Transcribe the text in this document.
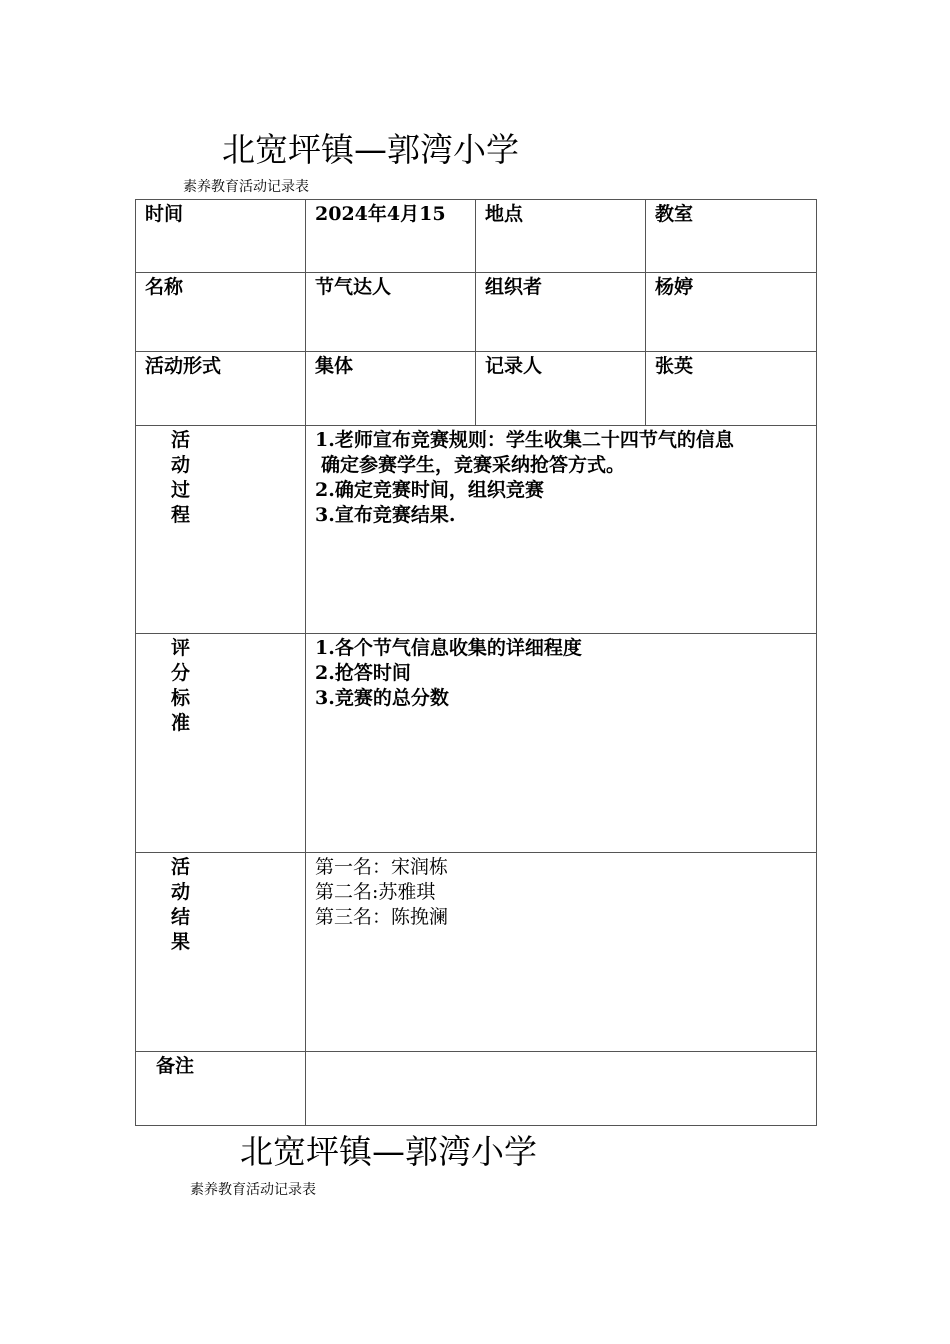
北宽坪镇—郭湾小学
素养教育活动记录表
时间	2024年4月15	地点	教室
名称	节气达人	组织者	杨婷
活动形式	集体	记录人	张英

活动过程	1.老师宣布竞赛规则：学生收集二十四节气的信息
确定参赛学生，竞赛采纳抢答方式。
2.确定竞赛时间，组织竞赛
3.宣布竞赛结果.		

评分标准	1.各个节气信息收集的详细程度
2.抢答时间
3.竞赛的总分数		

活动结果	第一名：宋润栋
第二名:苏雅琪
第三名：陈挽澜		

备注			

北宽坪镇—郭湾小学
素养教育活动记录表
